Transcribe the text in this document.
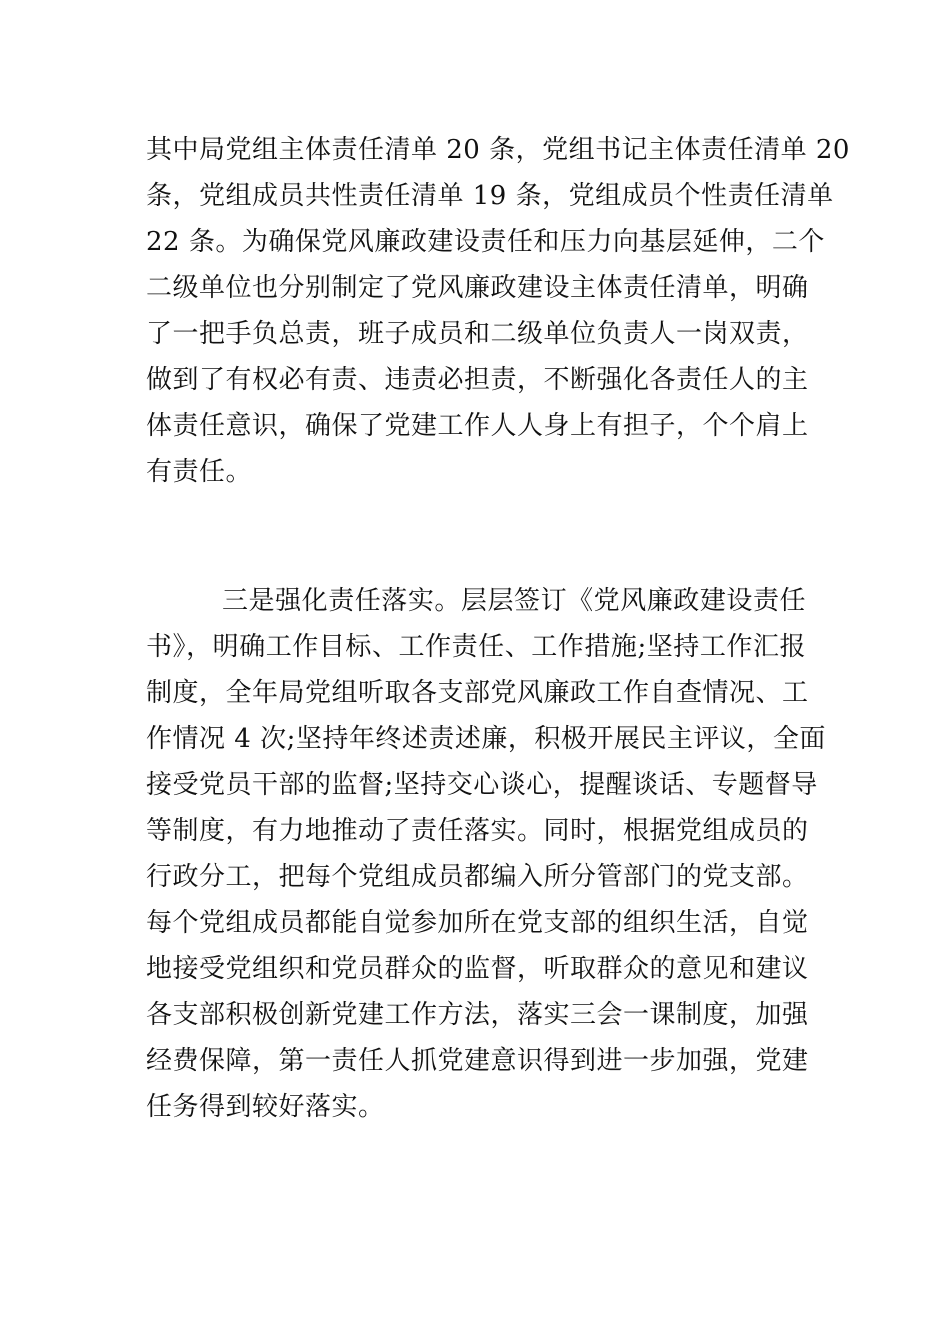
其中局党组主体责任清单 20 条，党组书记主体责任清单 20
条，党组成员共性责任清单 19 条，党组成员个性责任清单
22 条。为确保党风廉政建设责任和压力向基层延伸，二个
二级单位也分别制定了党风廉政建设主体责任清单，明确
了一把手负总责，班子成员和二级单位负责人一岗双责，
做到了有权必有责、违责必担责，不断强化各责任人的主
体责任意识，确保了党建工作人人身上有担子，个个肩上
有责任。
三是强化责任落实。层层签订《党风廉政建设责任
书》，明确工作目标、工作责任、工作措施;坚持工作汇报
制度，全年局党组听取各支部党风廉政工作自查情况、工
作情况 4 次;坚持年终述责述廉，积极开展民主评议，全面
接受党员干部的监督;坚持交心谈心，提醒谈话、专题督导
等制度，有力地推动了责任落实。同时，根据党组成员的
行政分工，把每个党组成员都编入所分管部门的党支部。
每个党组成员都能自觉参加所在党支部的组织生活，自觉
地接受党组织和党员群众的监督，听取群众的意见和建议
各支部积极创新党建工作方法，落实三会一课制度，加强
经费保障，第一责任人抓党建意识得到进一步加强，党建
任务得到较好落实。
